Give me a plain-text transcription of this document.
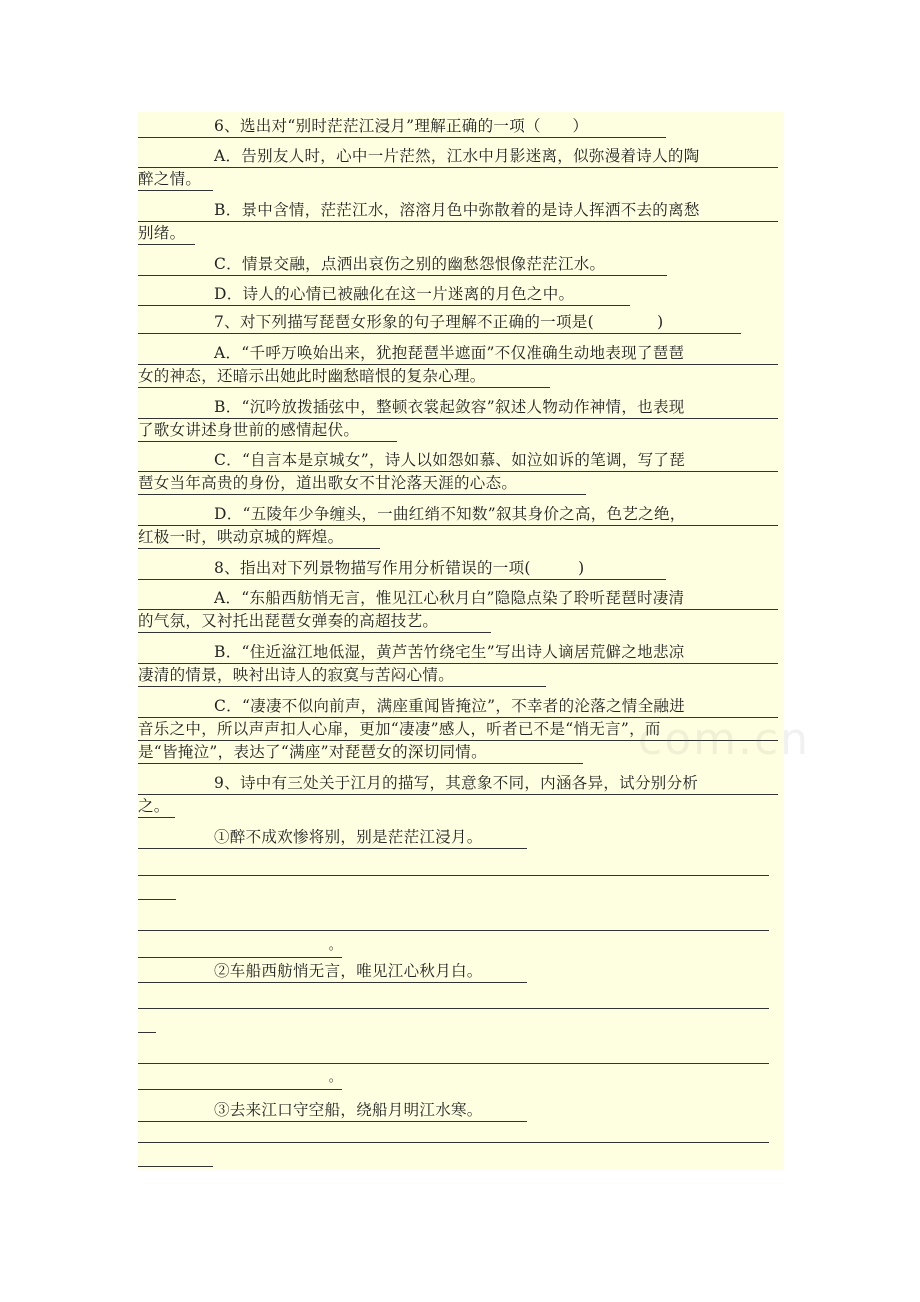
6、选出对“别时茫茫江浸月”理解正确的一项（　　）
A．告别友人时，心中一片茫然，江水中月影迷离，似弥漫着诗人的陶
醉之情。
B．景中含情，茫茫江水，溶溶月色中弥散着的是诗人挥洒不去的离愁
别绪。
C．情景交融，点洒出哀伤之别的幽愁怨恨像茫茫江水。
D．诗人的心情已被融化在这一片迷离的月色之中。
7、对下列描写琵琶女形象的句子理解不正确的一项是(　　　　)
A．“千呼万唤始出来，犹抱琵琶半遮面”不仅准确生动地表现了琶琶
女的神态，还暗示出她此时幽愁暗恨的复杂心理。
B．“沉吟放拨插弦中，整顿衣裳起敛容”叙述人物动作神情，也表现
了歌女讲述身世前的感情起伏。
C．“自言本是京城女”，诗人以如怨如慕、如泣如诉的笔调，写了琵
琶女当年高贵的身份，道出歌女不甘沦落天涯的心态。
D．“五陵年少争缠头，一曲红绡不知数”叙其身价之高，色艺之绝，
红极一时，哄动京城的辉煌。
8、指出对下列景物描写作用分析错误的一项(　　　)
A．“东船西舫悄无言，惟见江心秋月白”隐隐点染了聆听琵琶时凄清
的气氛，又衬托出琵琶女弹奏的高超技艺。
B．“住近湓江地低湿，黄芦苦竹绕宅生”写出诗人谪居荒僻之地悲凉
凄清的情景，映衬出诗人的寂寞与苦闷心情。
C．“凄凄不似向前声，满座重闻皆掩泣”，不幸者的沦落之情全融进
音乐之中，所以声声扣人心扉，更加“凄凄”感人，听者已不是“悄无言”，而
是“皆掩泣”，表达了“满座”对琵琶女的深切同情。
9、诗中有三处关于江月的描写，其意象不同，内涵各异，试分别分析
之。
①醉不成欢惨将别，别是茫茫江浸月。
。
②车船西舫悄无言，唯见江心秋月白。
。
③去来江口守空船，绕船月明江水寒。
com.cn
